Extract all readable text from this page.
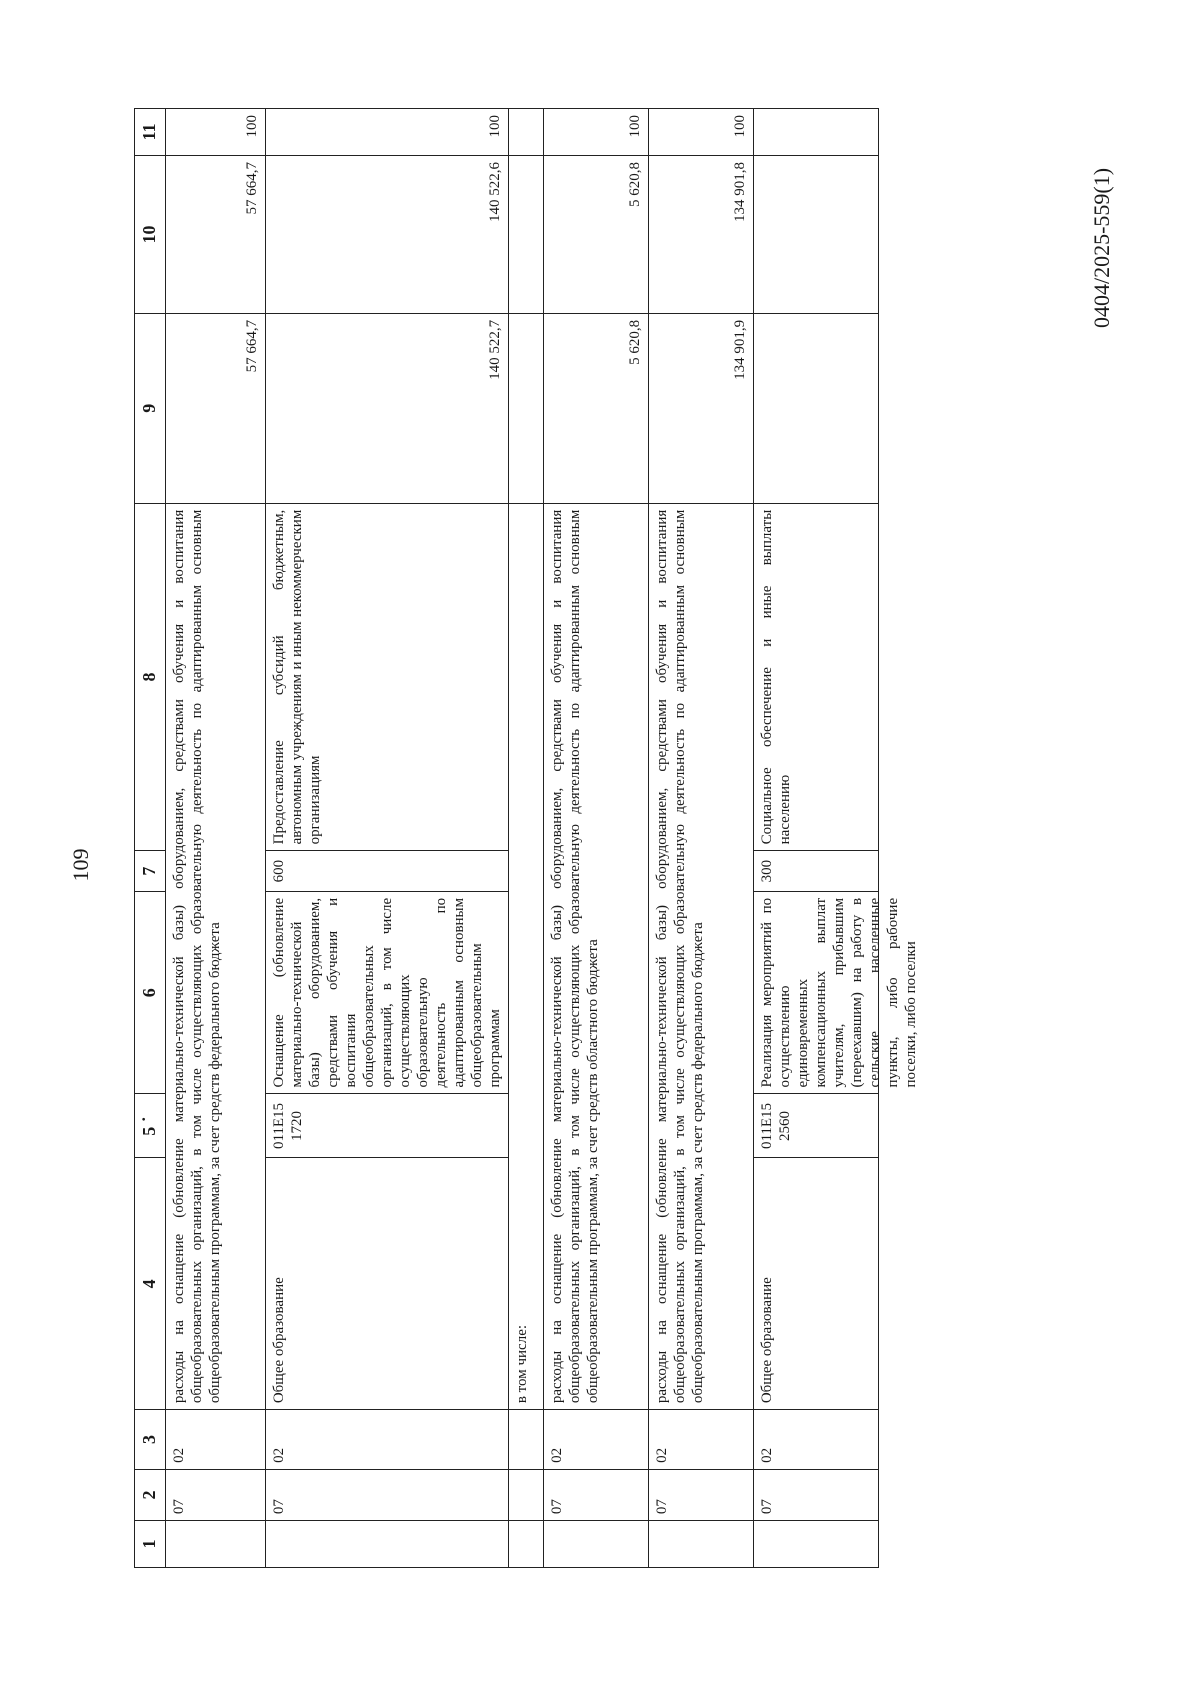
109
0404/2025-559(1)
1	2	3	4	5 ˙	6	7	8	9	10	11
	07	02	расходы на оснащение (обновление материально-технической базы) оборудованием, средствами обучения и воспитания общеобразовательных организаций, в том числе осуществляющих образовательную деятельность по адаптированным основным общеобразовательным программам, за счет средств федерального бюджета					57 664,7	57 664,7	100
	07	02	Общее образование	011Е15 1720	Оснащение (обновление материально-технической базы) оборудованием, средствами обучения и воспитания общеобразовательных организаций, в том числе осуществляющих образовательную деятельность по адаптированным основным общеобразовательным программам	600	Предоставление субсидий бюджетным, автономным учреждениям и иным некоммерческим организациям	140 522,7	140 522,6	100
			в том числе:							
	07	02	расходы на оснащение (обновление материально-технической базы) оборудованием, средствами обучения и воспитания общеобразовательных организаций, в том числе осуществляющих образовательную деятельность по адаптированным основным общеобразовательным программам, за счет средств областного бюджета					5 620,8	5 620,8	100
	07	02	расходы на оснащение (обновление материально-технической базы) оборудованием, средствами обучения и воспитания общеобразовательных организаций, в том числе осуществляющих образовательную деятельность по адаптированным основным общеобразовательным программам, за счет средств федерального бюджета					134 901,9	134 901,8	100
	07	02	Общее образование	011Е15 2560	Реализация мероприятий по осуществлению единовременных компенсационных выплат учителям, прибывшим (переехавшим) на работу в сельские населенные пункты, либо рабочие поселки, либо поселки	300	Социальное обеспечение и иные выплаты населению			
